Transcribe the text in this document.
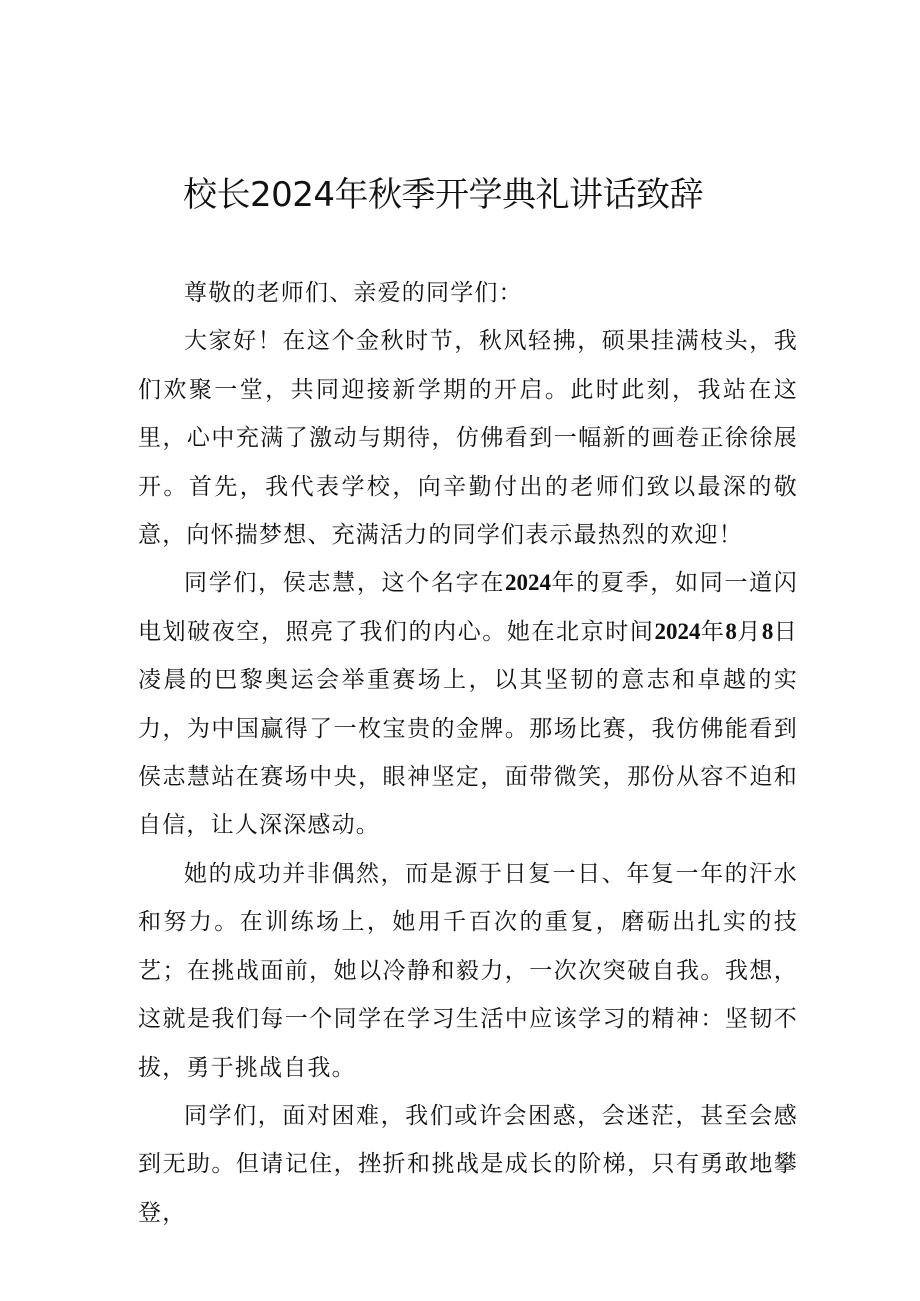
校长2024年秋季开学典礼讲话致辞

尊敬的老师们、亲爱的同学们：

大家好！在这个金秋时节，秋风轻拂，硕果挂满枝头，我们欢聚一堂，共同迎接新学期的开启。此时此刻，我站在这里，心中充满了激动与期待，仿佛看到一幅新的画卷正徐徐展开。首先，我代表学校，向辛勤付出的老师们致以最深的敬意，向怀揣梦想、充满活力的同学们表示最热烈的欢迎！

同学们，侯志慧，这个名字在2024年的夏季，如同一道闪电划破夜空，照亮了我们的内心。她在北京时间2024年8月8日凌晨的巴黎奥运会举重赛场上，以其坚韧的意志和卓越的实力，为中国赢得了一枚宝贵的金牌。那场比赛，我仿佛能看到侯志慧站在赛场中央，眼神坚定，面带微笑，那份从容不迫和自信，让人深深感动。

她的成功并非偶然，而是源于日复一日、年复一年的汗水和努力。在训练场上，她用千百次的重复，磨砺出扎实的技艺；在挑战面前，她以冷静和毅力，一次次突破自我。我想，这就是我们每一个同学在学习生活中应该学习的精神：坚韧不拔，勇于挑战自我。

同学们，面对困难，我们或许会困惑，会迷茫，甚至会感到无助。但请记住，挫折和挑战是成长的阶梯，只有勇敢地攀登，
